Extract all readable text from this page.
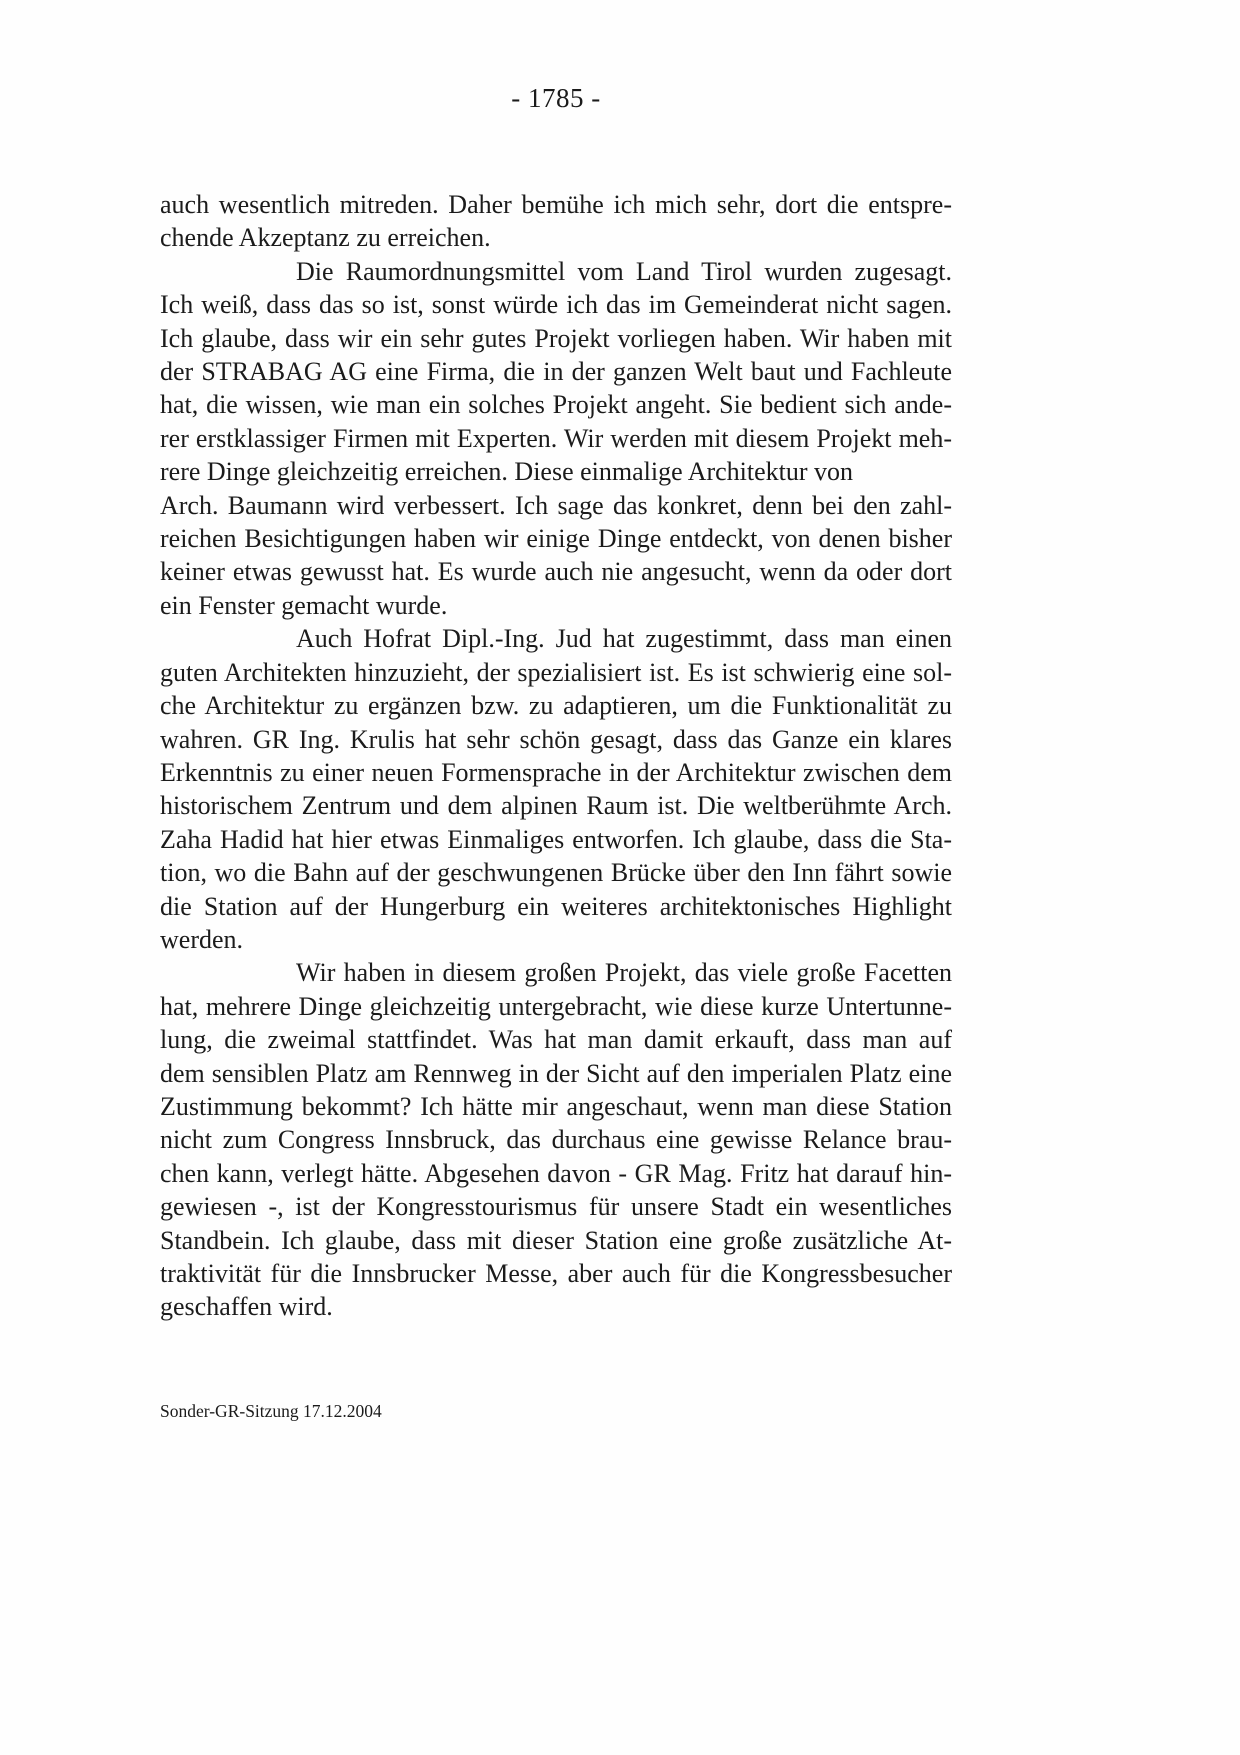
- 1785 -
auch wesentlich mitreden. Daher bemühe ich mich sehr, dort die entspre-
chende Akzeptanz zu erreichen.
Die Raumordnungsmittel vom Land Tirol wurden zugesagt.
Ich weiß, dass das so ist, sonst würde ich das im Gemeinderat nicht sagen.
Ich glaube, dass wir ein sehr gutes Projekt vorliegen haben. Wir haben mit
der STRABAG AG eine Firma, die in der ganzen Welt baut und Fachleute
hat, die wissen, wie man ein solches Projekt angeht. Sie bedient sich ande-
rer erstklassiger Firmen mit Experten. Wir werden mit diesem Projekt meh-
rere Dinge gleichzeitig erreichen. Diese einmalige Architektur von
Arch. Baumann wird verbessert. Ich sage das konkret, denn bei den zahl-
reichen Besichtigungen haben wir einige Dinge entdeckt, von denen bisher
keiner etwas gewusst hat. Es wurde auch nie angesucht, wenn da oder dort
ein Fenster gemacht wurde.
Auch Hofrat Dipl.-Ing. Jud hat zugestimmt, dass man einen
guten Architekten hinzuzieht, der spezialisiert ist. Es ist schwierig eine sol-
che Architektur zu ergänzen bzw. zu adaptieren, um die Funktionalität zu
wahren. GR Ing. Krulis hat sehr schön gesagt, dass das Ganze ein klares
Erkenntnis zu einer neuen Formensprache in der Architektur zwischen dem
historischem Zentrum und dem alpinen Raum ist. Die weltberühmte Arch.
Zaha Hadid hat hier etwas Einmaliges entworfen. Ich glaube, dass die Sta-
tion, wo die Bahn auf der geschwungenen Brücke über den Inn fährt sowie
die Station auf der Hungerburg ein weiteres architektonisches Highlight
werden.
Wir haben in diesem großen Projekt, das viele große Facetten
hat, mehrere Dinge gleichzeitig untergebracht, wie diese kurze Untertunne-
lung, die zweimal stattfindet. Was hat man damit erkauft, dass man auf
dem sensiblen Platz am Rennweg in der Sicht auf den imperialen Platz eine
Zustimmung bekommt? Ich hätte mir angeschaut, wenn man diese Station
nicht zum Congress Innsbruck, das durchaus eine gewisse Relance brau-
chen kann, verlegt hätte. Abgesehen davon - GR Mag. Fritz hat darauf hin-
gewiesen -, ist der Kongresstourismus für unsere Stadt ein wesentliches
Standbein. Ich glaube, dass mit dieser Station eine große zusätzliche At-
traktivität für die Innsbrucker Messe, aber auch für die Kongressbesucher
geschaffen wird.
Sonder-GR-Sitzung 17.12.2004
